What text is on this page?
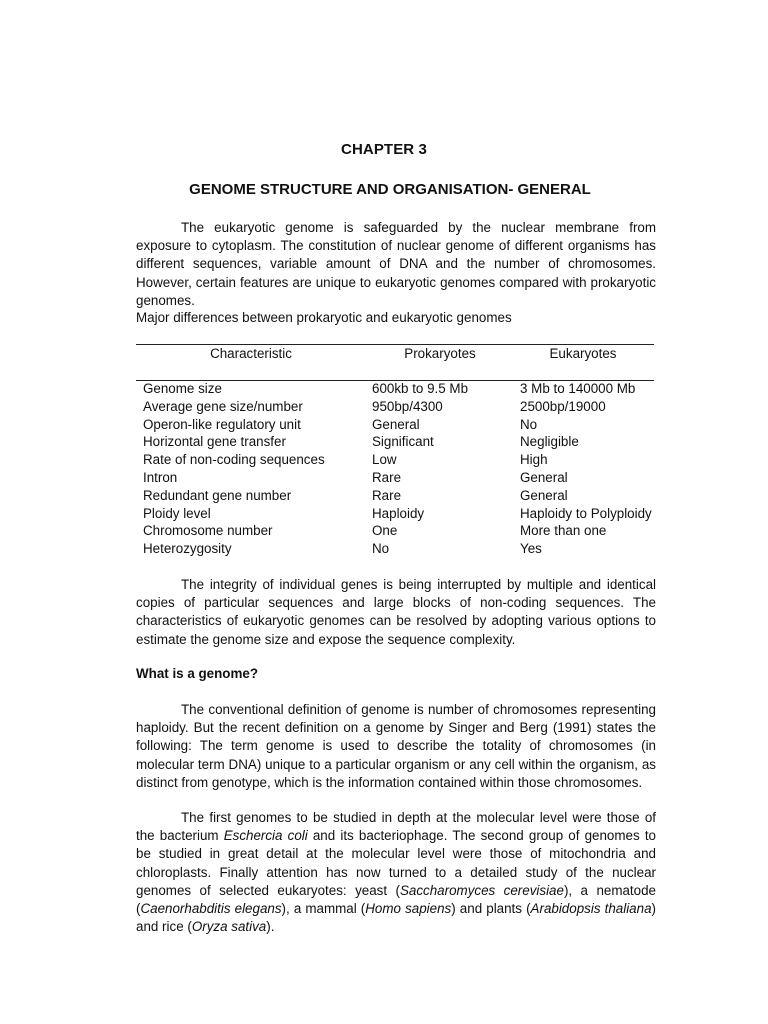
CHAPTER 3
GENOME STRUCTURE AND ORGANISATION- GENERAL

The eukaryotic genome is safeguarded by the nuclear membrane from exposure to cytoplasm. The constitution of nuclear genome of different organisms has different sequences, variable amount of DNA and the number of chromosomes. However, certain features are unique to eukaryotic genomes compared with prokaryotic genomes.

Major differences between prokaryotic and eukaryotic genomes

Characteristic	Prokaryotes	Eukaryotes
Genome size	600kb to 9.5 Mb	3 Mb to 140000 Mb
Average gene size/number	950bp/4300	2500bp/19000
Operon-like regulatory unit	General	No
Horizontal gene transfer	Significant	Negligible
Rate of non-coding sequences	Low	High
Intron	Rare	General
Redundant gene number	Rare	General
Ploidy level	Haploidy	Haploidy to Polyploidy
Chromosome number	One	More than one
Heterozygosity	No	Yes

The integrity of individual genes is being interrupted by multiple and identical copies of particular sequences and large blocks of non-coding sequences. The characteristics of eukaryotic genomes can be resolved by adopting various options to estimate the genome size and expose the sequence complexity.

What is a genome?

The conventional definition of genome is number of chromosomes representing haploidy. But the recent definition on a genome by Singer and Berg (1991) states the following: The term genome is used to describe the totality of chromosomes (in molecular term DNA) unique to a particular organism or any cell within the organism, as distinct from genotype, which is the information contained within those chromosomes.

The first genomes to be studied in depth at the molecular level were those of the bacterium Eschercia coli and its bacteriophage. The second group of genomes to be studied in great detail at the molecular level were those of mitochondria and chloroplasts. Finally attention has now turned to a detailed study of the nuclear genomes of selected eukaryotes: yeast (Saccharomyces cerevisiae), a nematode (Caenorhabditis elegans), a mammal (Homo sapiens) and plants (Arabidopsis thaliana) and rice (Oryza sativa).
